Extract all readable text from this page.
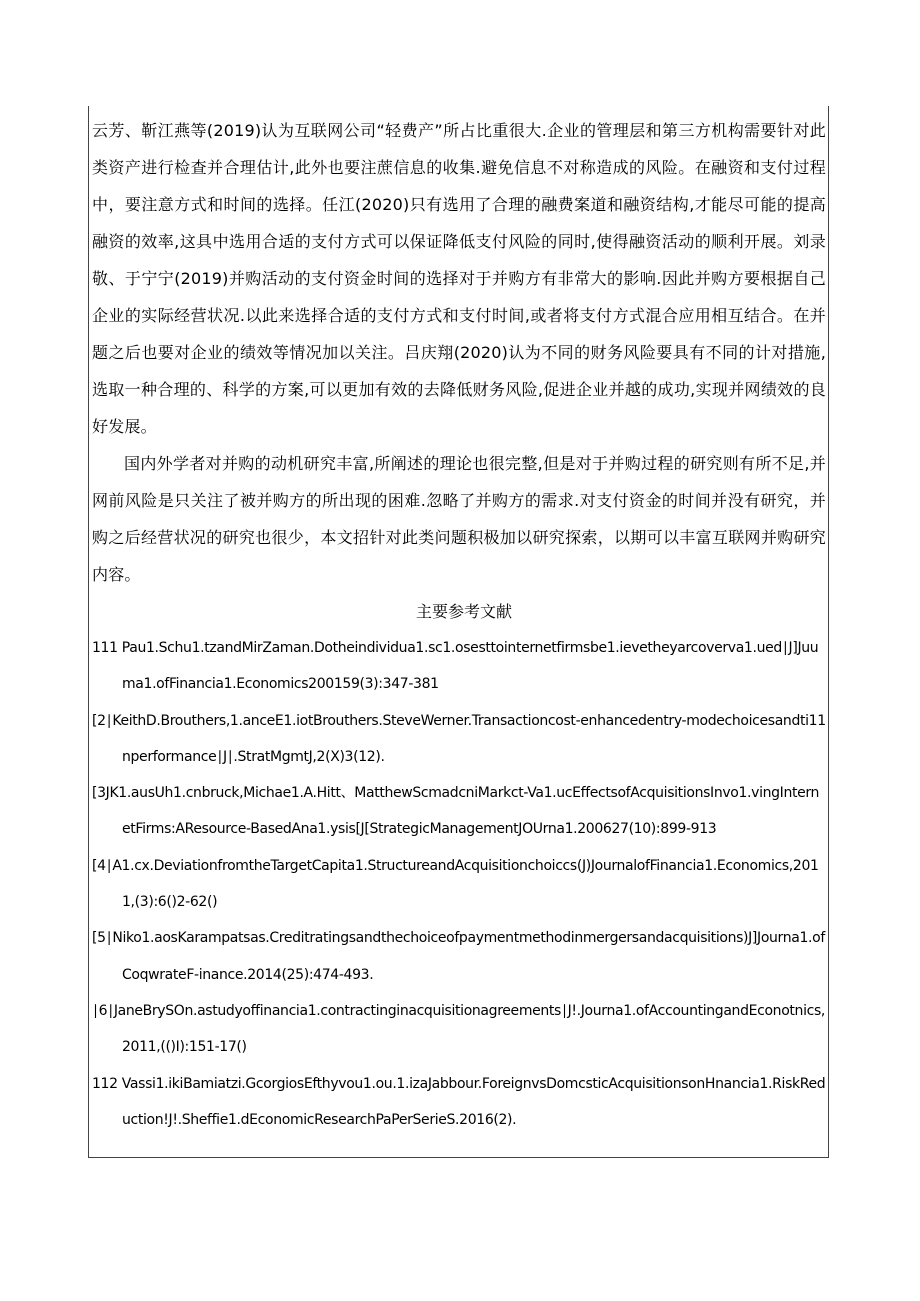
云芳、靳江燕等(2019)认为互联网公司“轻费产”所占比重很大.企业的管理层和第三方机构需要针对此类资产进行检查并合理估计,此外也要注蔗信息的收集.避免信息不对称造成的风险。在融资和支付过程中，要注意方式和时间的选择。任江(2020)只有选用了合理的融费案道和融资结构,才能尽可能的提高融资的效率,这具中选用合适的支付方式可以保证降低支付风险的同时,使得融资活动的顺利开展。刘录敬、于宁宁(2019)并购活动的支付资金时间的选择对于并购方有非常大的影响.因此并购方要根据自己企业的实际经营状况.以此来选择合适的支付方式和支付时间,或者将支付方式混合应用相互结合。在并题之后也要对企业的绩效等情况加以关注。吕庆翔(2020)认为不同的财务风险要具有不同的计对措施,选取一种合理的、科学的方案,可以更加有效的去降低财务风险,促进企业并越的成功,实现并网绩效的良好发展。

国内外学者对并购的动机研究丰富,所阐述的理论也很完整,但是对于并购过程的研究则有所不足,并网前风险是只关注了被并购方的所出现的困难.忽略了并购方的需求.对支付资金的时间并没有研究，并购之后经营状况的研究也很少，本文招针对此类问题积极加以研究探索，以期可以丰富互联网并购研究内容。

主要参考文献

111 Pau1.Schu1.tzandMirZaman.Dotheindividua1.sc1.osesttointernetfirmsbe1.ievetheyarcoverva1.ued∣J]Juuma1.ofFinancia1.Economics200159(3):347-381
[2∣KeithD.Brouthers,1.anceE1.iotBrouthers.SteveWerner.Transactioncost-enhancedentry-modechoicesandti11nperformance∣J∣.StratMgmtJ,2(X)3(12).
[3JK1.ausUh1.cnbruck,Michae1.A.Hitt、MatthewScmadcniMarkct-Va1.ucEffectsofAcquisitionsInvo1.vingInternetFirms:AResource-BasedAna1.ysis[J[StrategicManagementJOUrna1.200627(10):899-913
[4∣A1.cx.DeviationfromtheTargetCapita1.StructureandAcquisitionchoiccs(J)JournalofFinancia1.Economics,2011,(3):6()2-62()
[5∣Niko1.aosKarampatsas.Creditratingsandthechoiceofpaymentmethodinmergersandacquisitions)J]Journa1.ofCoqwrateF-inance.2014(25):474-493.
∣6∣JaneBrySOn.astudyoffinancia1.contractinginacquisitionagreements∣J!.Journa1.ofAccountingandEconotnics,2011,(()I):151-17()
112 Vassi1.ikiBamiatzi.GcorgiosEfthyvou1.ou.1.izaJabbour.ForeignvsDomcsticAcquisitionsonHnancia1.RiskReduction!J!.Sheffie1.dEconomicResearchPaPerSerieS.2016(2).
